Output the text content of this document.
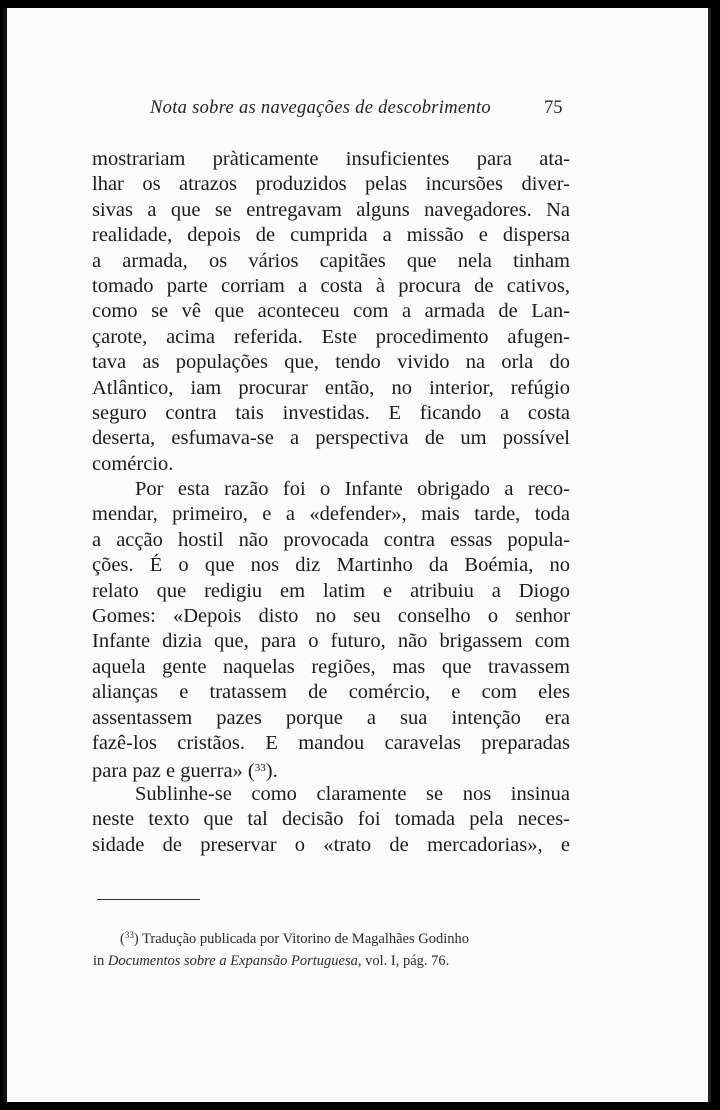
Nota sobre as navegações de descobrimento	75
mostrariam pràticamente insuficientes para ata-
lhar os atrazos produzidos pelas incursões diver-
sivas a que se entregavam alguns navegadores. Na
realidade, depois de cumprida a missão e dispersa
a armada, os vários capitães que nela tinham
tomado parte corriam a costa à procura de cativos,
como se vê que aconteceu com a armada de Lan-
çarote, acima referida. Este procedimento afugen-
tava as populações que, tendo vivido na orla do
Atlântico, iam procurar então, no interior, refúgio
seguro contra tais investidas. E ficando a costa
deserta, esfumava-se a perspectiva de um possível
comércio.
Por esta razão foi o Infante obrigado a reco-
mendar, primeiro, e a «defender», mais tarde, toda
a acção hostil não provocada contra essas popula-
ções. É o que nos diz Martinho da Boémia, no
relato que redigiu em latim e atribuiu a Diogo
Gomes: «Depois disto no seu conselho o senhor
Infante dizia que, para o futuro, não brigassem com
aquela gente naquelas regiões, mas que travassem
alianças e tratassem de comércio, e com eles
assentassem pazes porque a sua intenção era
fazê-los cristãos. E mandou caravelas preparadas
para paz e guerra» ($^{33}$).
Sublinhe-se como claramente se nos insinua
neste texto que tal decisão foi tomada pela neces-
sidade de preservar o «trato de mercadorias», e
($^{33}$) Tradução publicada por Vitorino de Magalhães Godinho
in Documentos sobre a Expansão Portuguesa, vol. I, pág. 76.
